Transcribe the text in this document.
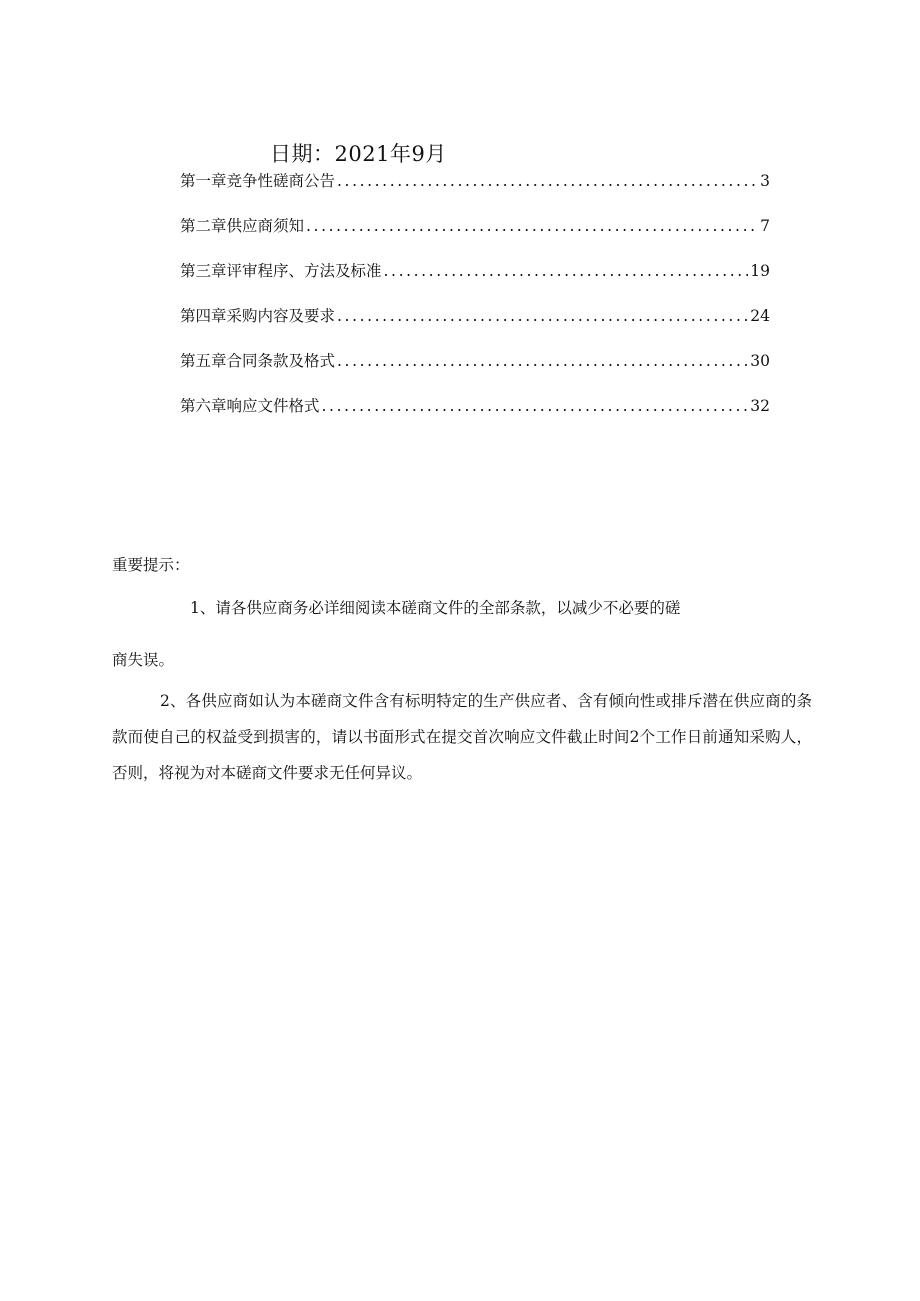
日期：2021年9月
第一章竞争性磋商公告 .....	3
第二章供应商须知 .....	7
第三章评审程序、方法及标准 .....	19
第四章采购内容及要求 .....	24
第五章合同条款及格式 .....	30
第六章响应文件格式 .....	32
重要提示：
1、请各供应商务必详细阅读本磋商文件的全部条款，以减少不必要的磋
商失误。
2、各供应商如认为本磋商文件含有标明特定的生产供应者、含有倾向性或排斥潜在供应商的条款而使自己的权益受到损害的，请以书面形式在提交首次响应文件截止时间2个工作日前通知采购人，否则，将视为对本磋商文件要求无任何异议。
